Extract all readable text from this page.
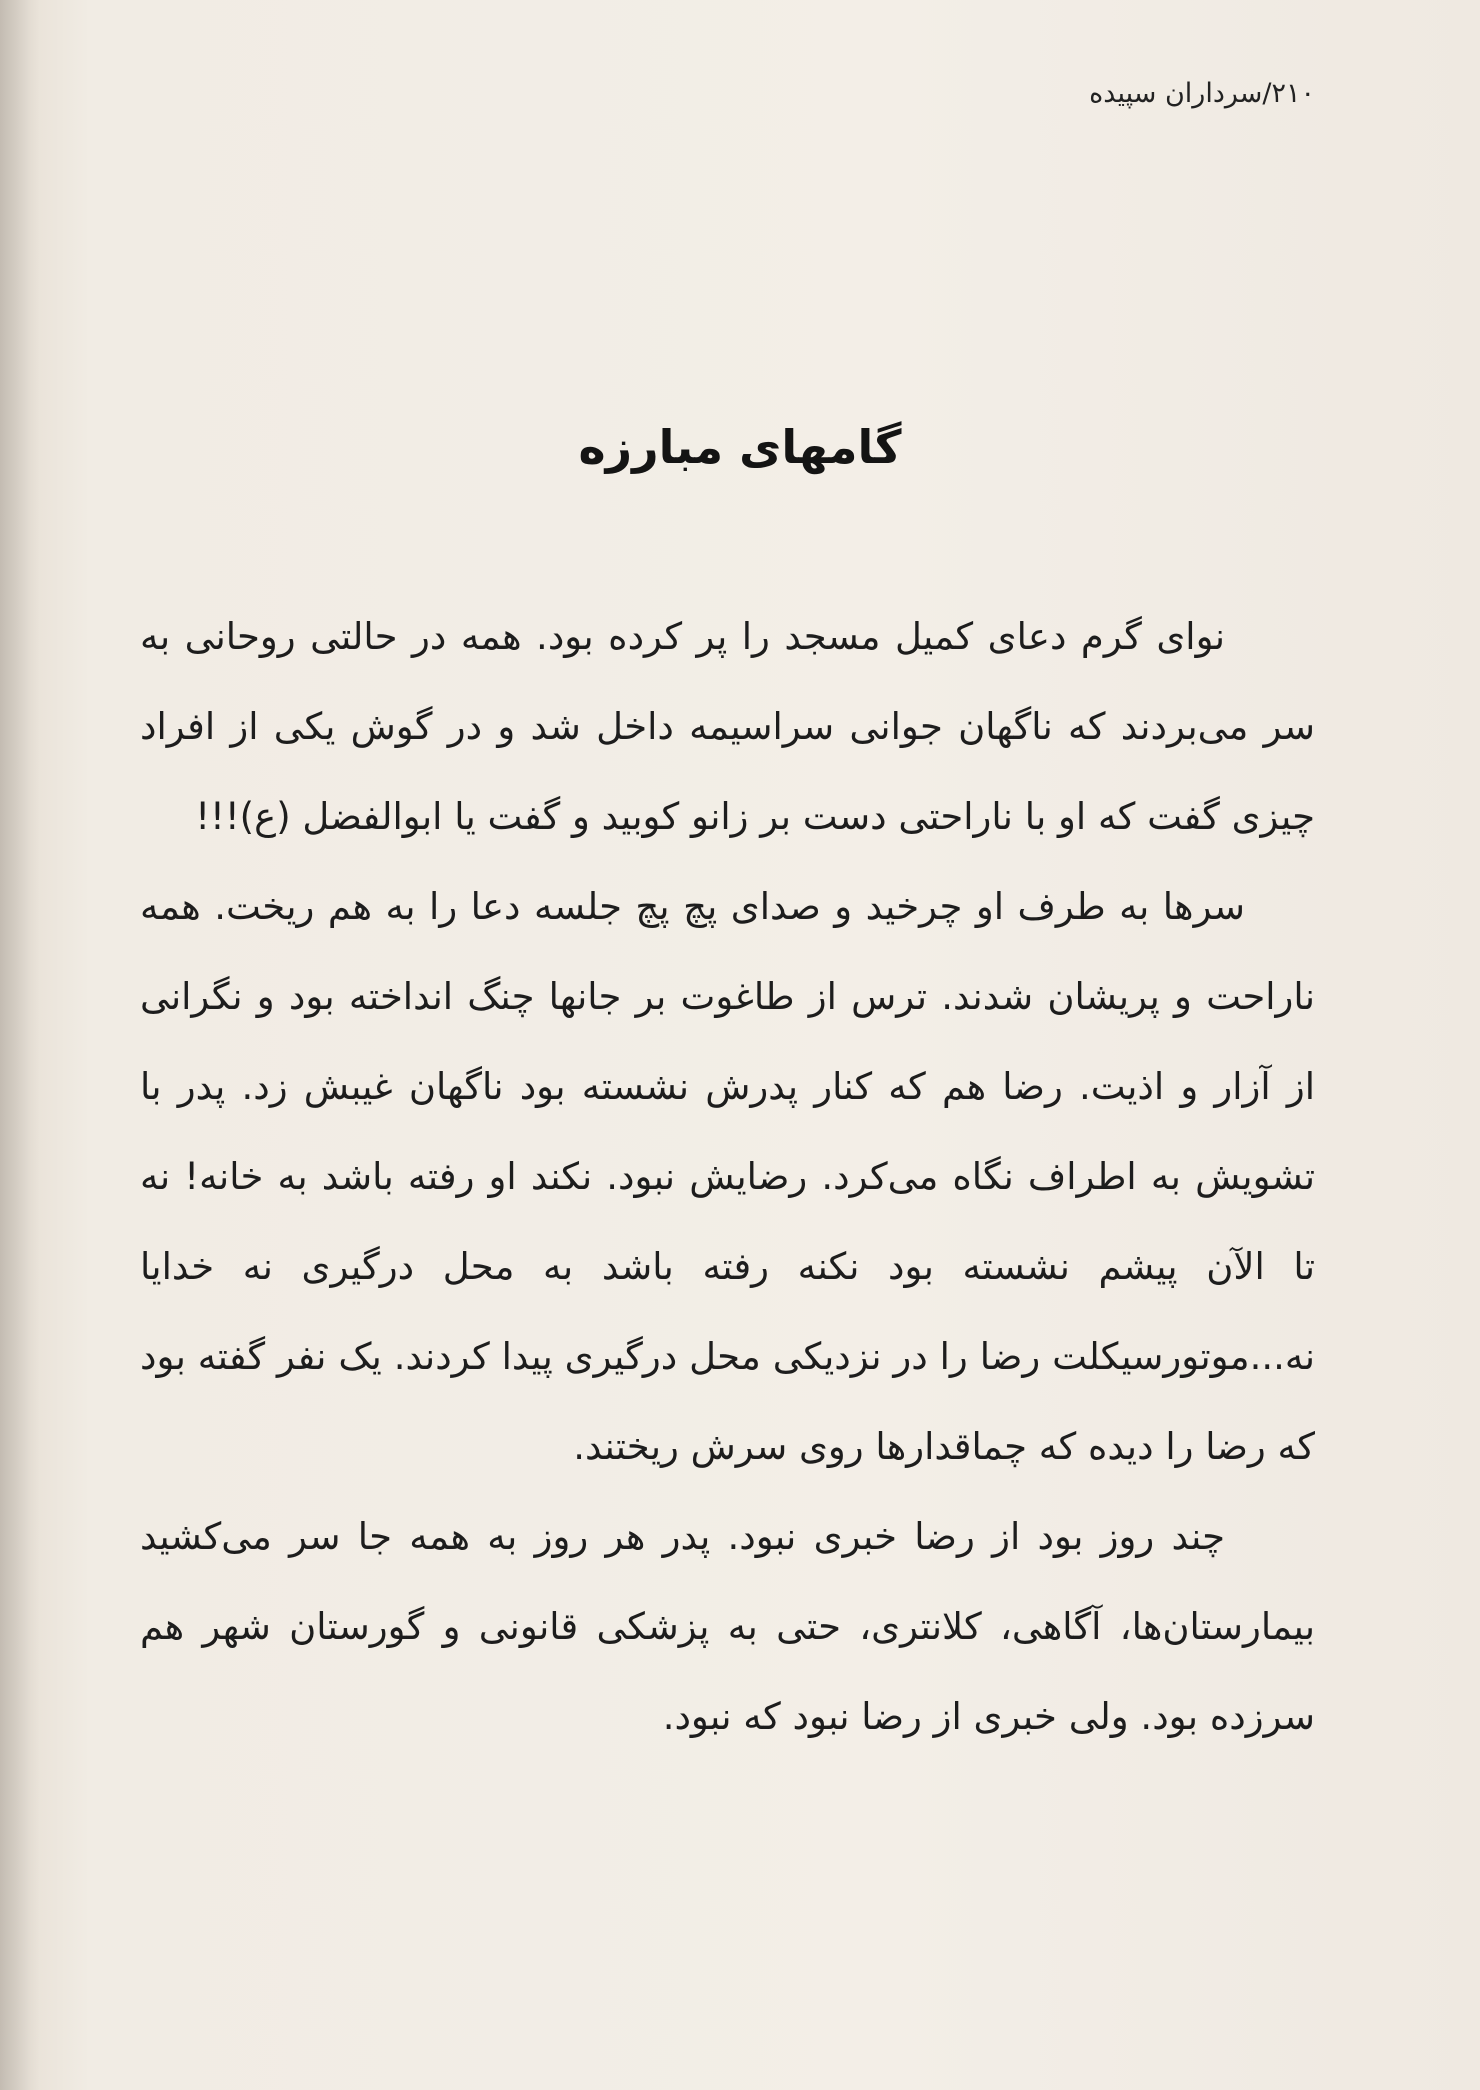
۲۱۰/سرداران سپیده
گامهای مبارزه

نوای گرم دعای کمیل مسجد را پر کرده بود. همه در حالتی روحانی به سر می‌بردند که ناگهان جوانی سراسیمه داخل شد و در گوش یکی از افراد چیزی گفت که او با ناراحتی دست بر زانو کوبید و گفت یا ابوالفضل (ع)!!!

سرها به طرف او چرخید و صدای پچ پچ جلسه دعا را به هم ریخت. همه ناراحت و پریشان شدند. ترس از طاغوت بر جانها چنگ انداخته بود و نگرانی از آزار و اذیت. رضا هم که کنار پدرش نشسته بود ناگهان غیبش زد. پدر با تشویش به اطراف نگاه می‌کرد. رضایش نبود. نکند او رفته باشد به خانه! نه تا الآن پیشم نشسته بود نکنه رفته باشد به محل درگیری نه خدایا نه...موتورسیکلت رضا را در نزدیکی محل درگیری پیدا کردند. یک نفر گفته بود که رضا را دیده که چماقدارها روی سرش ریختند.

چند روز بود از رضا خبری نبود. پدر هر روز به همه جا سر می‌کشید بیمارستان‌ها، آگاهی، کلانتری، حتی به پزشکی قانونی و گورستان شهر هم سرزده بود. ولی خبری از رضا نبود که نبود.
